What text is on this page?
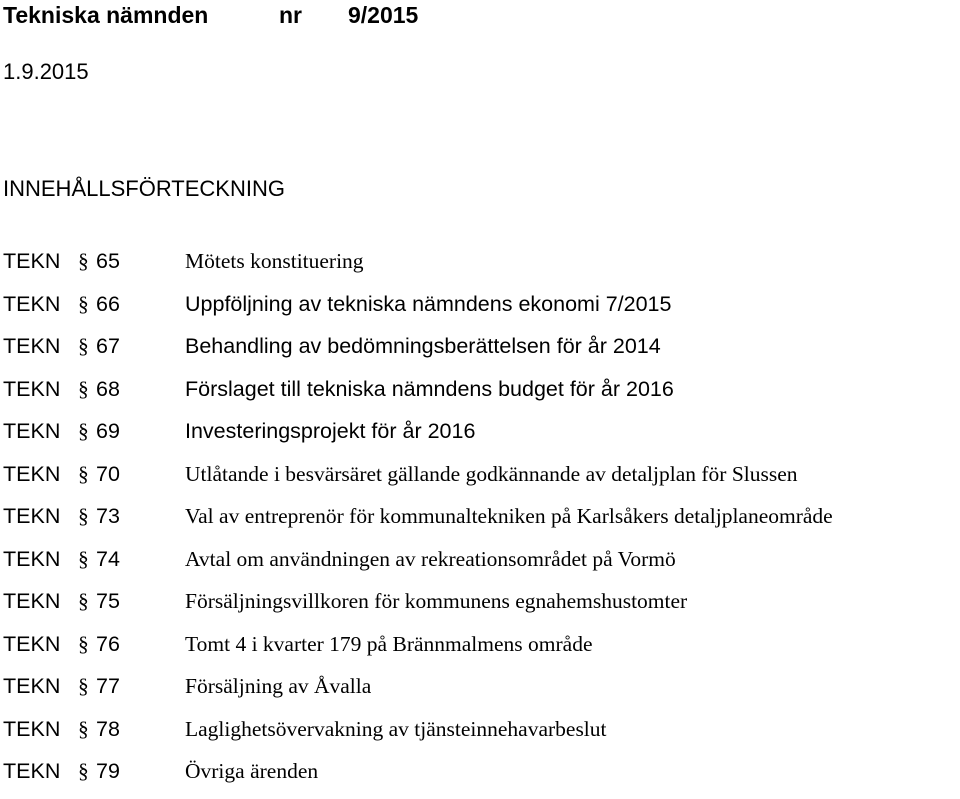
Tekniska nämnden	nr 9/2015
1.9.2015
INNEHÅLLSFÖRTECKNING
TEKN § 65	Mötets konstituering
TEKN § 66	Uppföljning av tekniska nämndens ekonomi 7/2015
TEKN § 67	Behandling av bedömningsberättelsen för år 2014
TEKN § 68	Förslaget till tekniska nämndens budget för år 2016
TEKN § 69	Investeringsprojekt för år 2016
TEKN § 70	Utlåtande i besvärsäret gällande godkännande av detaljplan för Slussen
TEKN § 73	Val av entreprenör för kommunaltekniken på Karlsåkers detaljplaneområde
TEKN § 74	Avtal om användningen av rekreationsområdet på Vormö
TEKN § 75	Försäljningsvillkoren för kommunens egnahemshustomter
TEKN § 76	Tomt 4 i kvarter 179 på Brännmalmens område
TEKN § 77	Försäljning av Åvalla
TEKN § 78	Laglighetsövervakning av tjänsteinnehavarbeslut
TEKN § 79	Övriga ärenden
